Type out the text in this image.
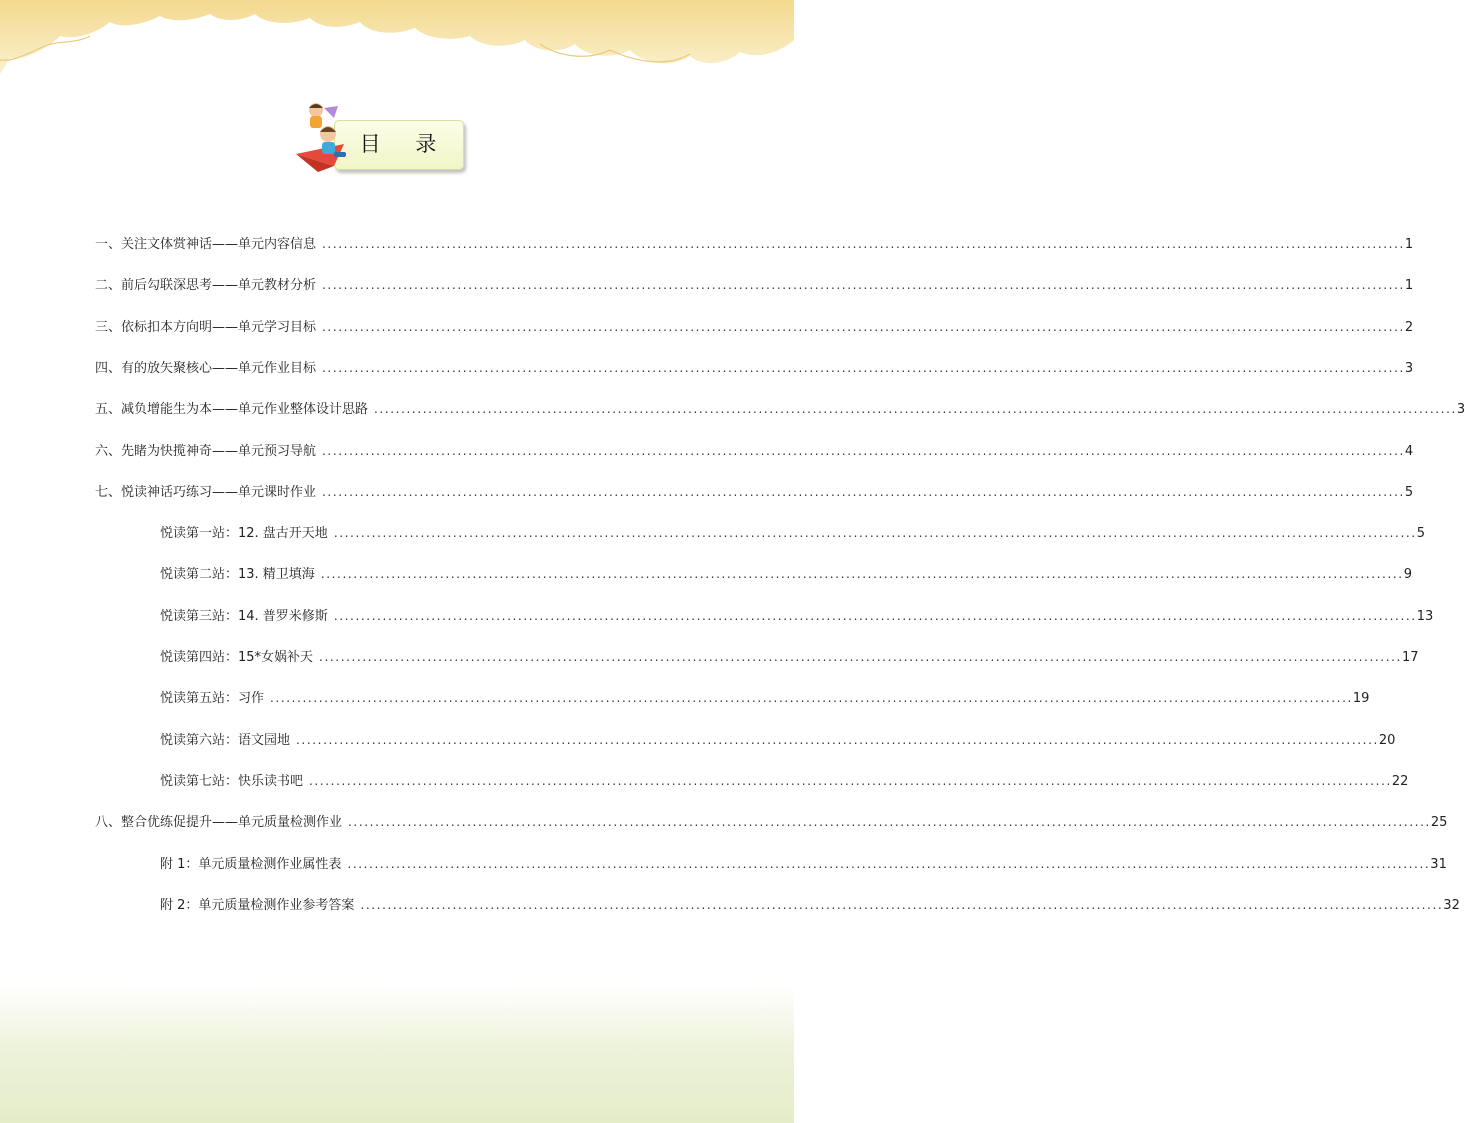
目 录
一、关注文体赏神话——单元内容信息 ........................................................................................................................................................................................................ 1
二、前后勾联深思考——单元教材分析 ........................................................................................................................................................................................................ 1
三、依标扣本方向明——单元学习目标 ........................................................................................................................................................................................................ 2
四、有的放矢聚核心——单元作业目标 ........................................................................................................................................................................................................ 3
五、减负增能生为本——单元作业整体设计思路 ........................................................................................................................................................................................................ 3
六、先睹为快揽神奇——单元预习导航 ........................................................................................................................................................................................................ 4
七、悦读神话巧练习——单元课时作业 ........................................................................................................................................................................................................ 5
悦读第一站：12. 盘古开天地 ........................................................................................................................................................................................................ 5
悦读第二站：13. 精卫填海 ........................................................................................................................................................................................................ 9
悦读第三站：14. 普罗米修斯 ........................................................................................................................................................................................................ 13
悦读第四站：15*女娲补天 ........................................................................................................................................................................................................ 17
悦读第五站：习作 ........................................................................................................................................................................................................ 19
悦读第六站：语文园地 ........................................................................................................................................................................................................ 20
悦读第七站：快乐读书吧 ........................................................................................................................................................................................................ 22
八、整合优练促提升——单元质量检测作业 ........................................................................................................................................................................................................ 25
附 1：单元质量检测作业属性表 ........................................................................................................................................................................................................ 31
附 2：单元质量检测作业参考答案 ........................................................................................................................................................................................................ 32
